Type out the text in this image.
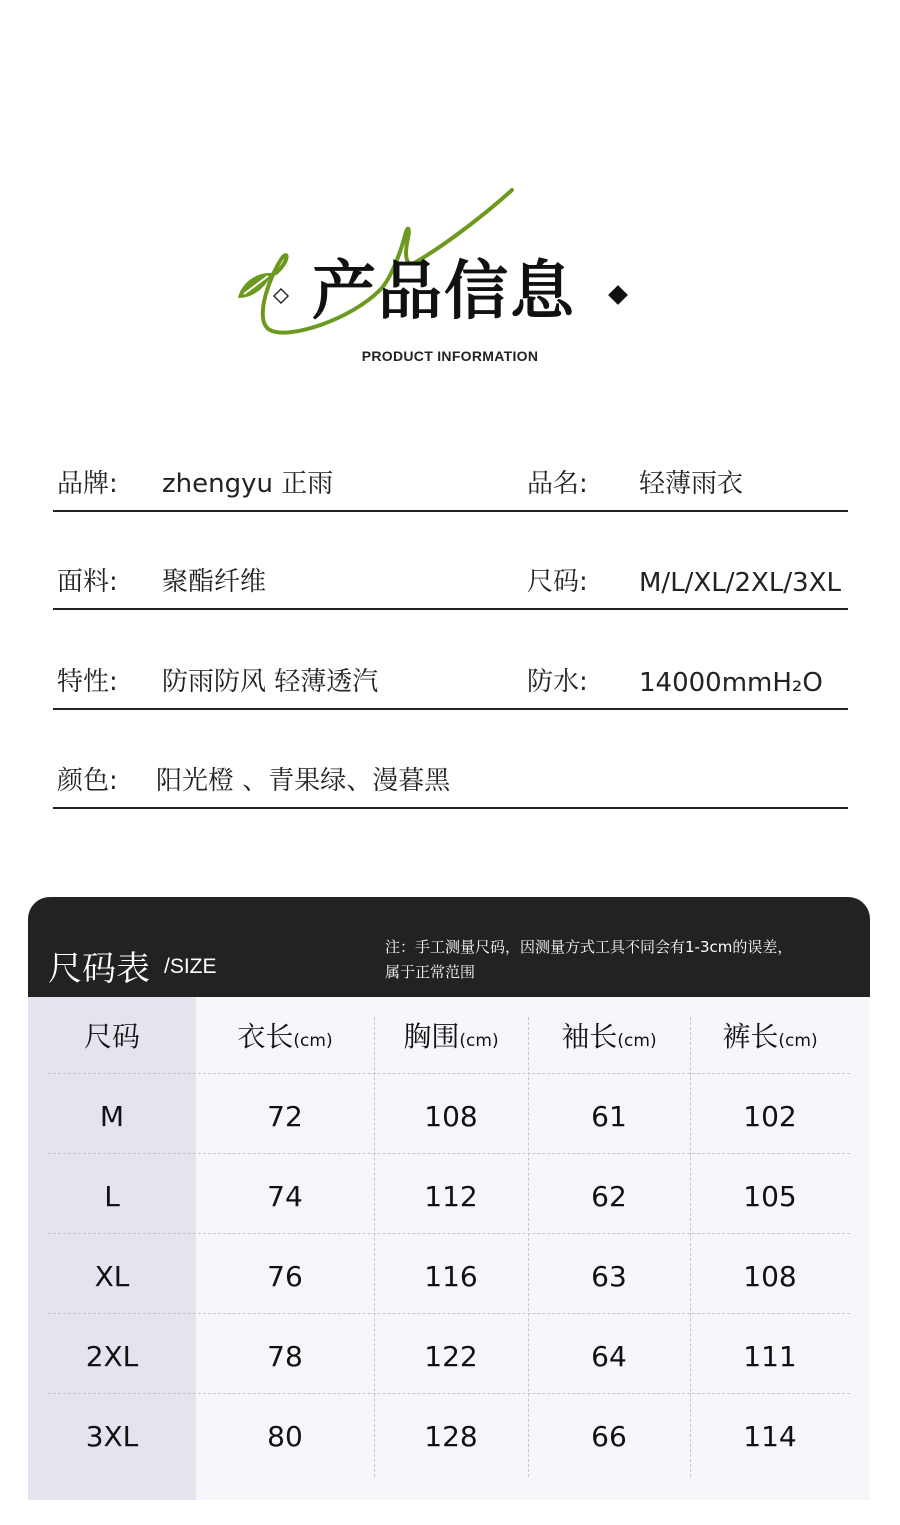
产品信息
PRODUCT INFORMATION
品牌: zhengyu 正雨	品名: 轻薄雨衣
面料: 聚酯纤维	尺码: M/L/XL/2XL/3XL
特性: 防雨防风 轻薄透汽	防水: 14000mmH₂O
颜色: 阳光橙 、青果绿、漫暮黑
尺码表 /SIZE
注：手工测量尺码，因测量方式工具不同会有1-3cm的误差，
属于正常范围
尺码	衣长(cm)	胸围(cm)	袖长(cm)	裤长(cm)
M	72	108	61	102
L	74	112	62	105
XL	76	116	63	108
2XL	78	122	64	111
3XL	80	128	66	114
